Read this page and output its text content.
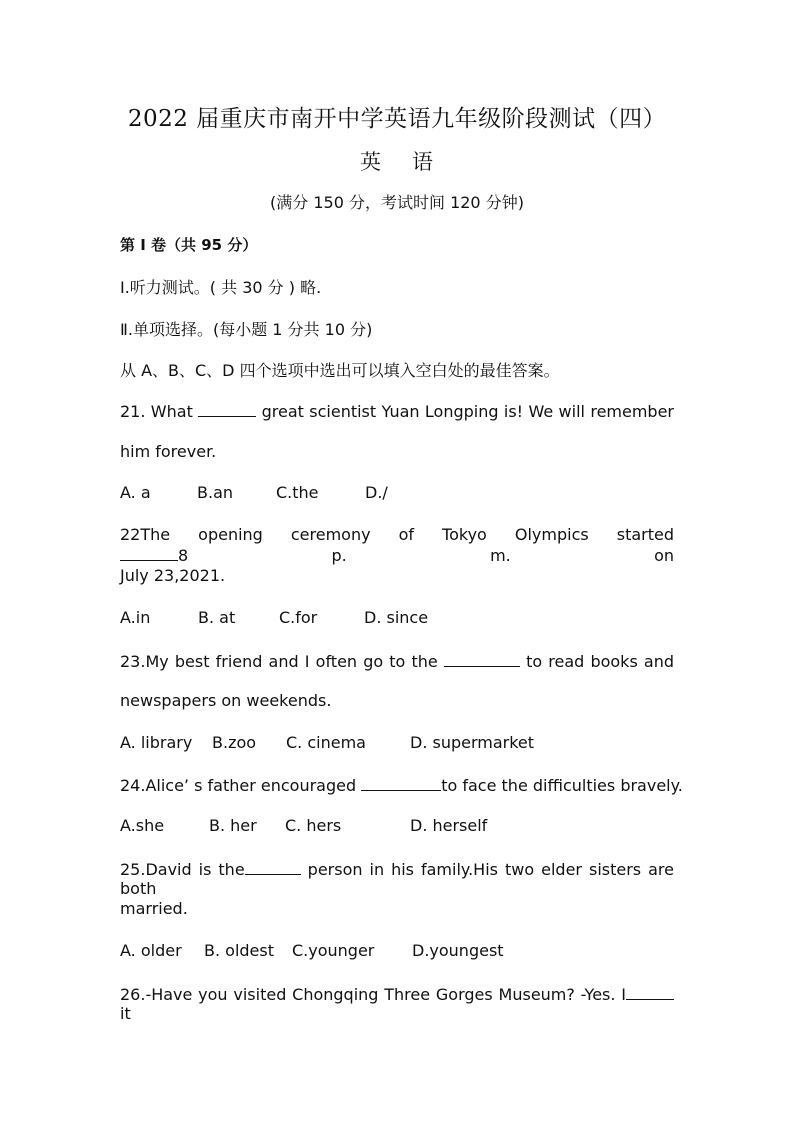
2022 届重庆市南开中学英语九年级阶段测试（四）
英 语
(满分 150 分，考试时间 120 分钟)
第 I 卷（共 95 分）
Ⅰ.听力测试。( 共 30 分 ) 略.
Ⅱ.单项选择。(每小题 1 分共 10 分)
从 A、B、C、D 四个选项中选出可以填入空白处的最佳答案。
21. What	great scientist Yuan Longping is! We will remember
him forever.
A. a	B.an	C.the	D./
22The opening ceremony of Tokyo Olympics started 8 p. m. on
July 23,2021.
A.in	B. at	C.for	D. since
23.My best friend and I often go to the	to read books and
newspapers on weekends.
A. library B.zoo C. cinema	D. supermarket
24.Alice’ s father encouraged	to face the difficulties bravely.
A.she	B. her C. hers	D. herself
25.David is the	person in his family.His two elder sisters are both
married.
A. older B. oldest C.younger D.youngest
26.-Have you visited Chongqing Three Gorges Museum? -Yes. Iit
